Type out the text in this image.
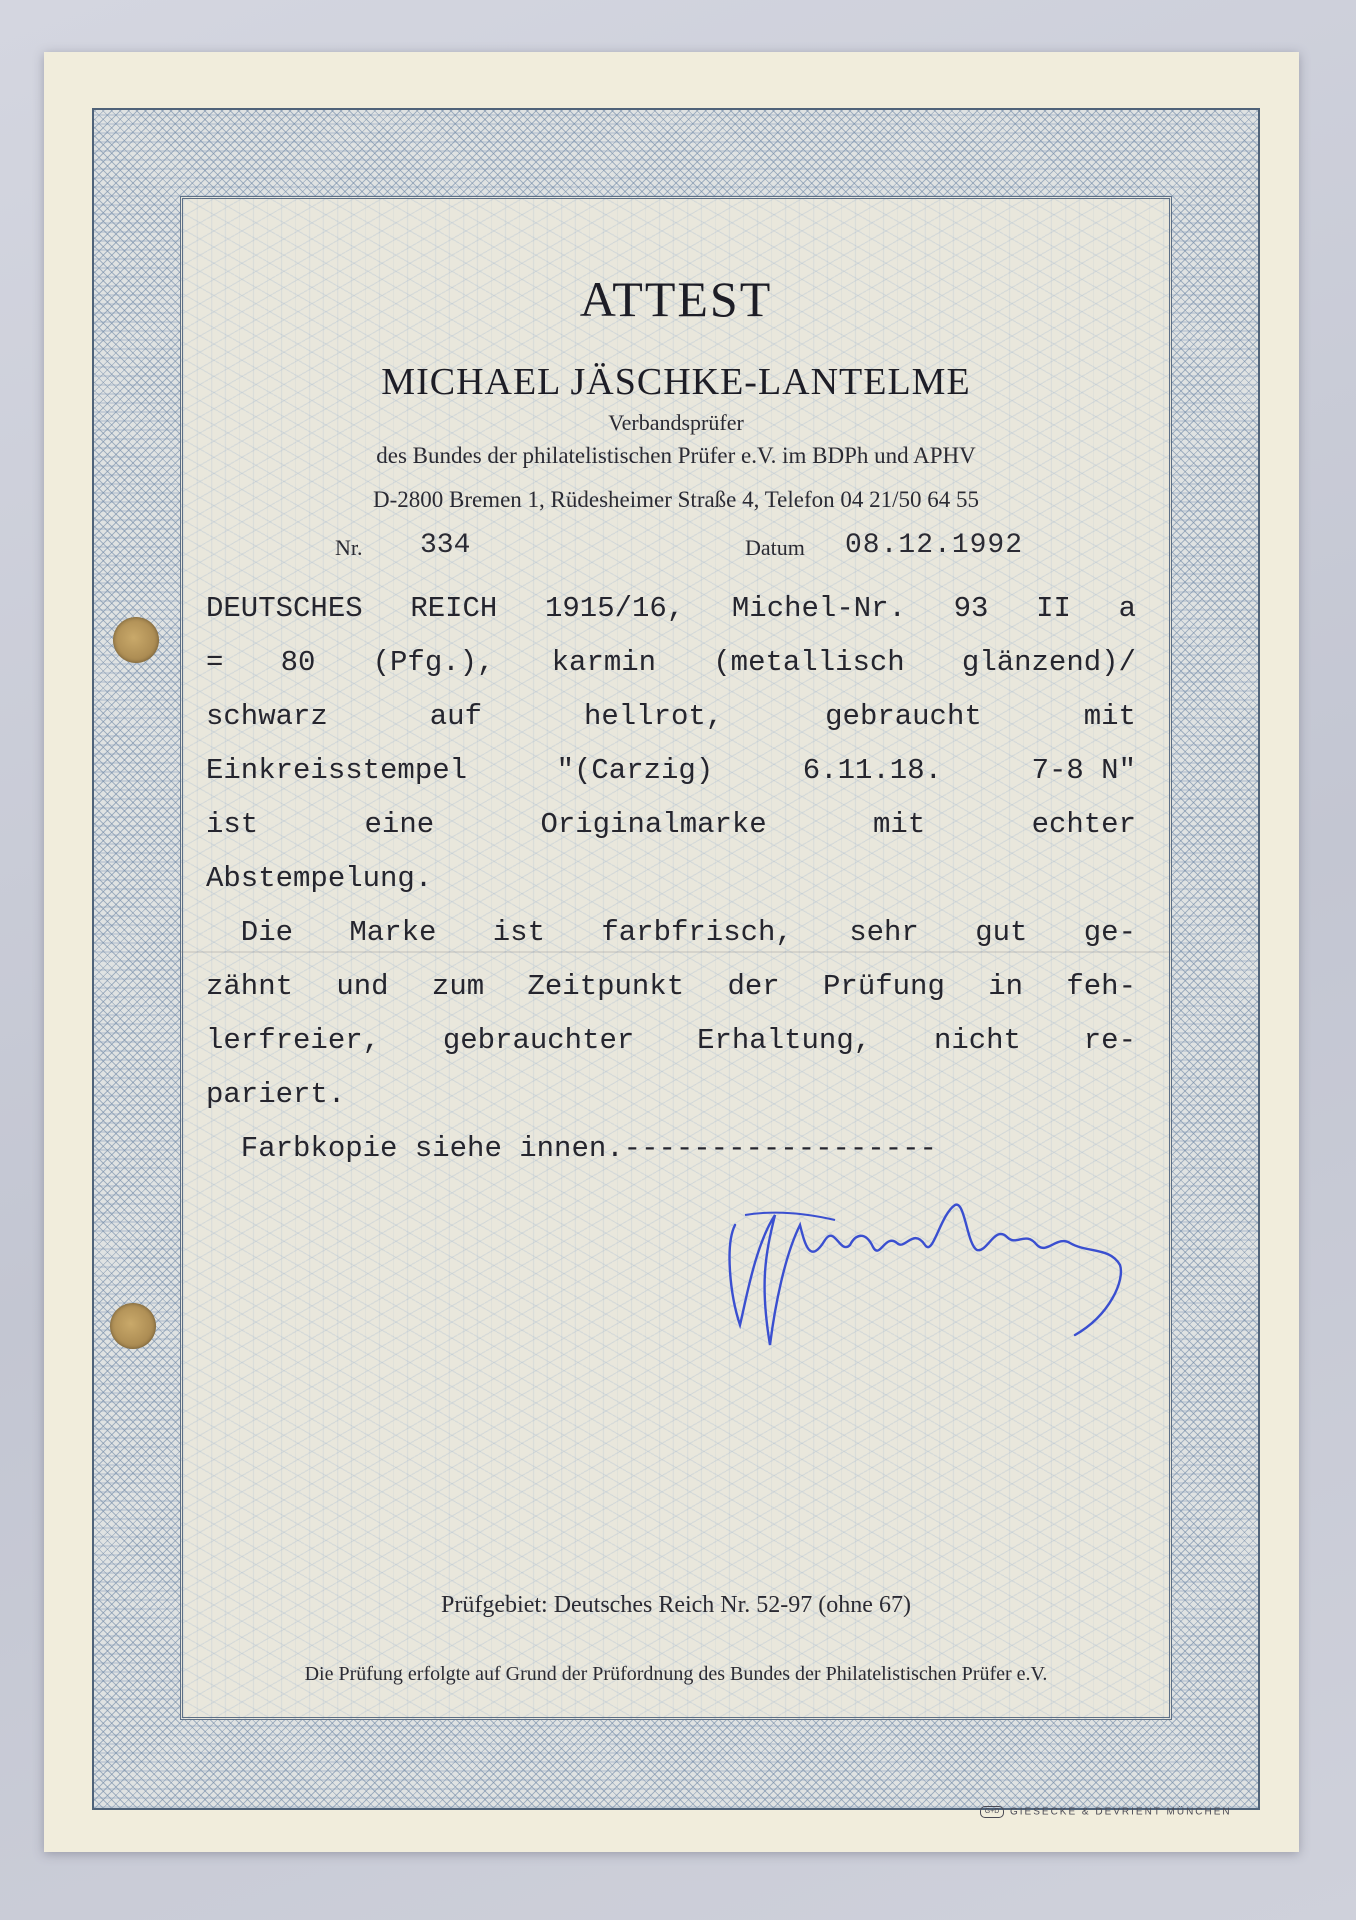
ATTEST
MICHAEL JÄSCHKE-LANTELME
Verbandsprüfer
des Bundes der philatelistischen Prüfer e.V. im BDPh und APHV
D-2800 Bremen 1, Rüdesheimer Straße 4, Telefon 04 21/50 64 55
Nr. 334	Datum 08.12.1992
DEUTSCHES REICH 1915/16, Michel-Nr. 93 II a
= 80 (Pfg.), karmin (metallisch glänzend)/
schwarz	auf	hellrot,	gebraucht	mit
Einkreisstempel	"(Carzig)	6.11.18.	7-8 N"
ist	eine	Originalmarke	mit	echter
Abstempelung.
Die Marke ist farbfrisch, sehr gut ge-
zähnt und zum Zeitpunkt der Prüfung in feh-
lerfreier, gebrauchter Erhaltung, nicht re-
pariert.
Farbkopie siehe innen.------------------
Prüfgebiet: Deutsches Reich Nr. 52-97 (ohne 67)
Die Prüfung erfolgte auf Grund der Prüfordnung des Bundes der Philatelistischen Prüfer e.V.
G+D GIESECKE & DEVRIENT MÜNCHEN
